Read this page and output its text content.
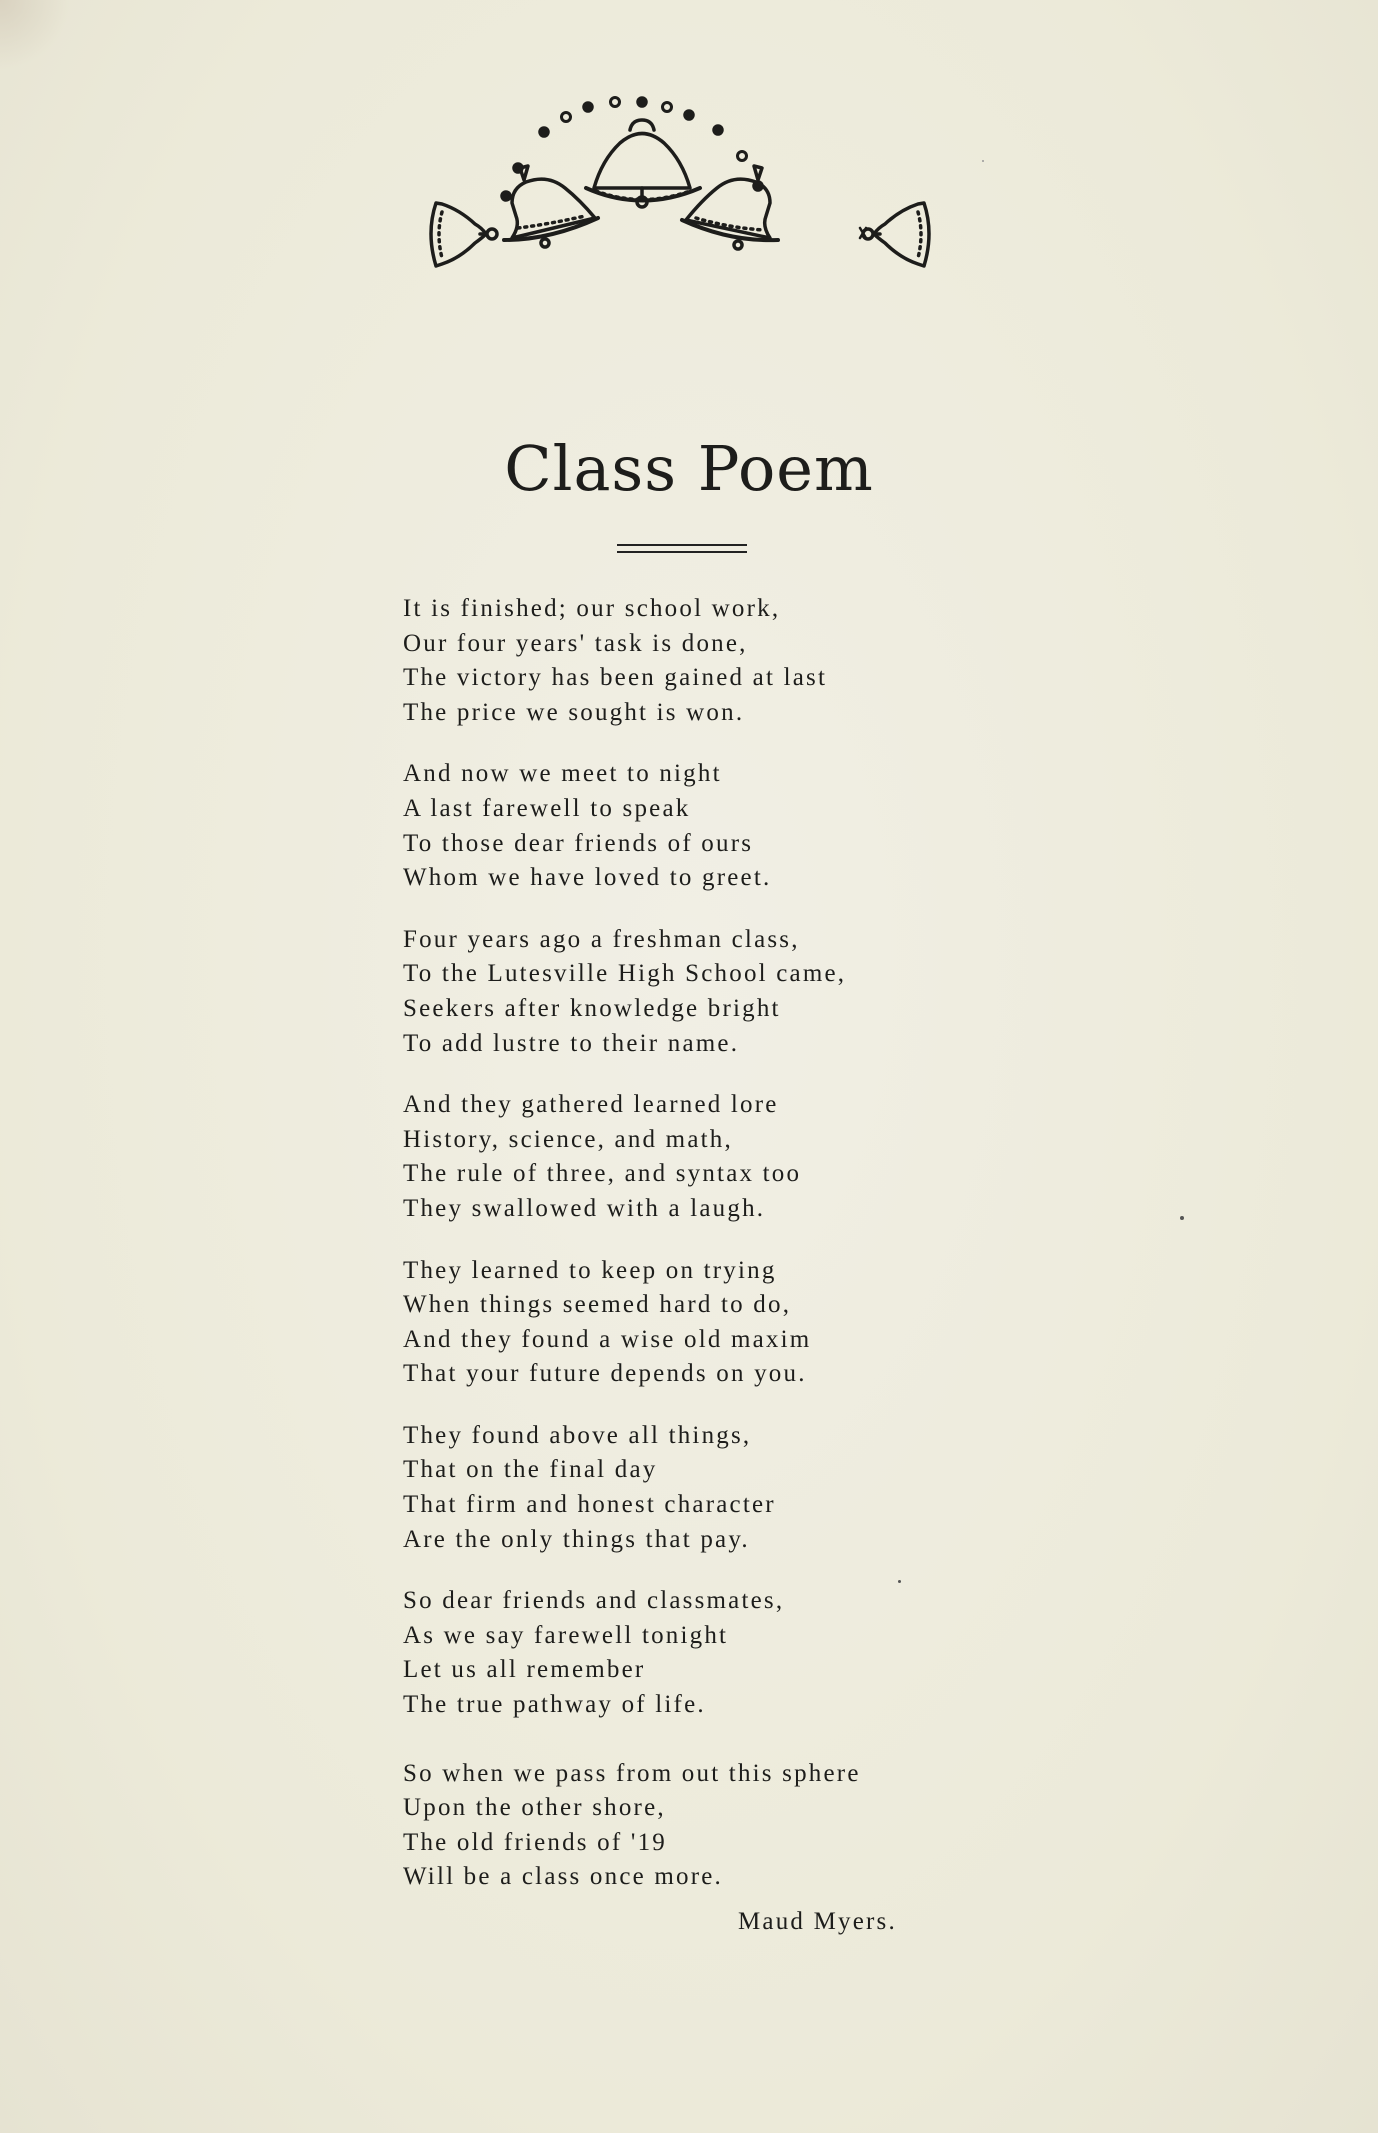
Class Poem
It is finished; our school work,
Our four years' task is done,
The victory has been gained at last
The price we sought is won.
And now we meet to night
A last farewell to speak
To those dear friends of ours
Whom we have loved to greet.
Four years ago a freshman class,
To the Lutesville High School came,
Seekers after knowledge bright
To add lustre to their name.
And they gathered learned lore
History, science, and math,
The rule of three, and syntax too
They swallowed with a laugh.
They learned to keep on trying
When things seemed hard to do,
And they found a wise old maxim
That your future depends on you.
They found above all things,
That on the final day
That firm and honest character
Are the only things that pay.
So dear friends and classmates,
As we say farewell tonight
Let us all remember
The true pathway of life.
So when we pass from out this sphere
Upon the other shore,
The old friends of '19
Will be a class once more.
Maud Myers.
